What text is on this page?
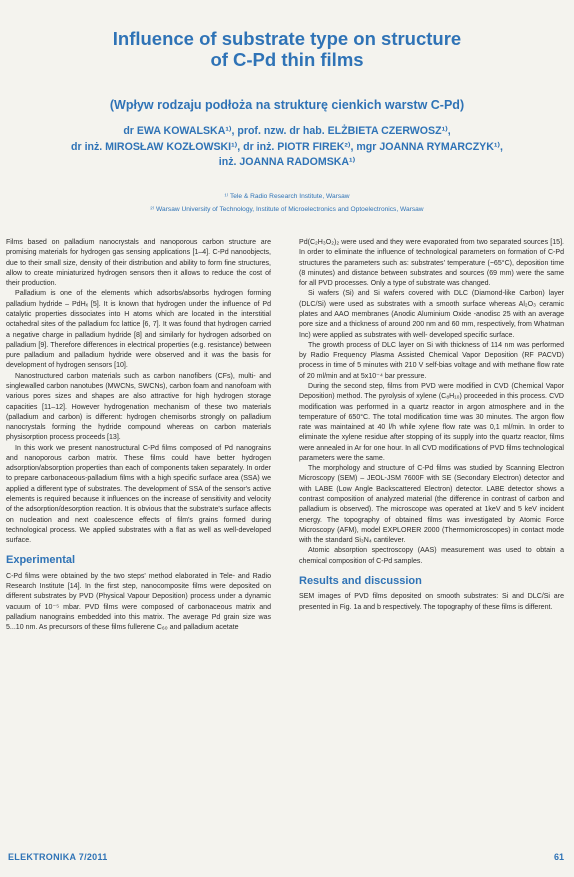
Influence of substrate type on structure
of C-Pd thin films
(Wpływ rodzaju podłoża na strukturę cienkich warstw C-Pd)
dr EWA KOWALSKA¹⁾, prof. nzw. dr hab. ELŻBIETA CZERWOSZ¹⁾,
dr inż. MIROSŁAW KOZŁOWSKI¹⁾, dr inż. PIOTR FIREK²⁾, mgr JOANNA RYMARCZYK¹⁾,
inż. JOANNA RADOMSKA¹⁾
¹⁾ Tele & Radio Research Institute, Warsaw
²⁾ Warsaw University of Technology, Institute of Microelectronics and Optoelectronics, Warsaw

Films based on palladium nanocrystals and nanoporous carbon structure are promising materials for hydrogen gas sensing applications [1–4]. C-Pd nanoobjects, due to their small size, density of their distribution and ability to form fine structures, allow to create miniaturized hydrogen sensors then it allows to reduce the cost of their production.

Palladium is one of the elements which adsorbs/absorbs hydrogen forming palladium hydride – PdHₓ [5]. It is known that hydrogen under the influence of Pd catalytic properties dissociates into H atoms which are located in the interstitial octahedral sites of the palladium fcc lattice [6, 7]. It was found that hydrogen carried a negative charge in palladium hydride [8] and similarly for hydrogen adsorbed on palladium [9]. Therefore differences in electrical properties (e.g. resistance) between pure palladium and palladium hydride were observed and it was the basis for development of hydrogen sensors [10].

Nanostructured carbon materials such as carbon nanofibers (CFs), multi- and singlewalled carbon nanotubes (MWCNs, SWCNs), carbon foam and nanofoam with various pores sizes and shapes are also attractive for high hydrogen storage capacities [11–12]. However hydrogenation mechanism of these two materials (palladium and carbon) is different: hydrogen chemisorbs strongly on palladium nanocrystals forming the hydride compound whereas on carbon materials physisorption process proceeds [13].

In this work we present nanostructural C-Pd films composed of Pd nanograins and nanoporous carbon matrix. These films could have better hydrogen adsorption/absorption properties than each of components taken separately. In order to prepare carbonaceous-palladium films with a high specific surface area (SSA) we applied a different type of substrates. The development of SSA of the sensor's active elements is required because it influences on the increase of sensitivity and velocity of the adsorption/desorption reaction. It is obvious that the substrate's surface affects on nucleation and next coalescence effects of film's grains formed during technological process. We applied substrates with a flat as well as well-developed surface.

Experimental

C-Pd films were obtained by the two steps' method elaborated in Tele- and Radio Research Institute [14]. In the first step, nanocomposite films were deposited on different substrates by PVD (Physical Vapour Deposition) process under a dynamic vacuum of 10⁻⁵ mbar. PVD films were composed of carbonaceous matrix and palladium nanograins embedded into this matrix. The average Pd grain size was 5...10 nm. As precursors of these films fullerene C₆₀ and palladium acetate

Pd(C₂H₃O₂)₂ were used and they were evaporated from two separated sources [15]. In order to eliminate the influence of technological parameters on formation of C-Pd structures the parameters such as: substrates' temperature (~65°C), deposition time (8 minutes) and distance between substrates and sources (69 mm) were the same for all PVD processes. Only a type of substrate was changed.

Si wafers (Si) and Si wafers covered with DLC (Diamond-like Carbon) layer (DLC/Si) were used as substrates with a smooth surface whereas Al₂O₃ ceramic plates and AAO membranes (Anodic Aluminium Oxide -anodisc 25 with an average pore size and a thickness of around 200 nm and 60 mm, respectively, from Whatman Inc) were applied as substrates with well- developed specific surface.

The growth process of DLC layer on Si with thickness of 114 nm was performed by Radio Frequency Plasma Assisted Chemical Vapor Deposition (RF PACVD) process in time of 5 minutes with 210 V self-bias voltage and with methane flow rate of 20 ml/min and at 5x10⁻⁴ bar pressure.

During the second step, films from PVD were modified in CVD (Chemical Vapor Deposition) method. The pyrolysis of xylene (C₈H₁₀) proceeded in this process. CVD modification was performed in a quartz reactor in argon atmosphere and in the temperature of 650°C. The total modification time was 30 minutes. The argon flow rate was maintained at 40 l/h while xylene flow rate was 0,1 ml/min. In order to eliminate the xylene residue after stopping of its supply into the quartz reactor, films were annealed in Ar for one hour. In all CVD modifications of PVD films technological parameters were the same.

The morphology and structure of C-Pd films was studied by Scanning Electron Microscopy (SEM) – JEOL-JSM 7600F with SE (Secondary Electron) detector and with LABE (Low Angle Backscattered Electron) detector. LABE detector shows a contrast composition of analyzed material (the difference in contrast of carbon and palladium is observed). The microscope was operated at 1keV and 5 keV incident energy. The topography of obtained films was investigated by Atomic Force Microscopy (AFM), model EXPLORER 2000 (Thermomicroscopes) in contact mode with the standard Si₃N₄ cantilever.

Atomic absorption spectroscopy (AAS) measurement was used to obtain a chemical composition of C-Pd samples.

Results and discussion

SEM images of PVD films deposited on smooth substrates: Si and DLC/Si are presented in Fig. 1a and b respectively. The topography of these films is different.

ELEKTRONIKA 7/2011	61
